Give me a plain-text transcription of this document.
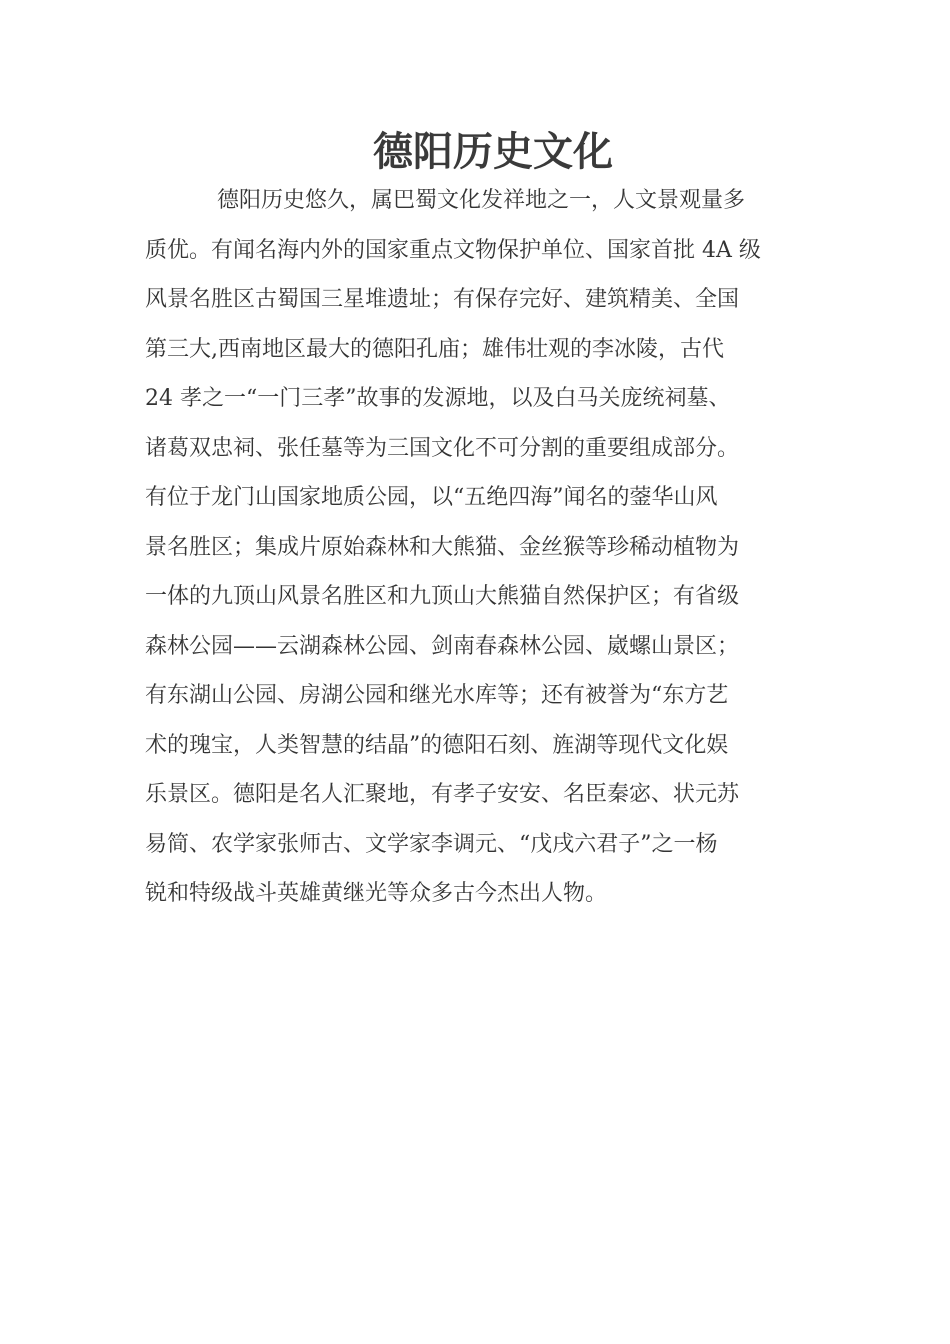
德阳历史文化
德阳历史悠久，属巴蜀文化发祥地之一，人文景观量多
质优。有闻名海内外的国家重点文物保护单位、国家首批 4A 级
风景名胜区古蜀国三星堆遗址；有保存完好、建筑精美、全国
第三大,西南地区最大的德阳孔庙；雄伟壮观的李冰陵，古代
24 孝之一“一门三孝”故事的发源地，以及白马关庞统祠墓、
诸葛双忠祠、张任墓等为三国文化不可分割的重要组成部分。
有位于龙门山国家地质公园，以“五绝四海”闻名的蓥华山风
景名胜区；集成片原始森林和大熊猫、金丝猴等珍稀动植物为
一体的九顶山风景名胜区和九顶山大熊猫自然保护区；有省级
森林公园——云湖森林公园、剑南春森林公园、崴螺山景区；
有东湖山公园、房湖公园和继光水库等；还有被誉为“东方艺
术的瑰宝，人类智慧的结晶”的德阳石刻、旌湖等现代文化娱
乐景区。德阳是名人汇聚地，有孝子安安、名臣秦宓、状元苏
易简、农学家张师古、文学家李调元、“戊戌六君子”之一杨
锐和特级战斗英雄黄继光等众多古今杰出人物。
